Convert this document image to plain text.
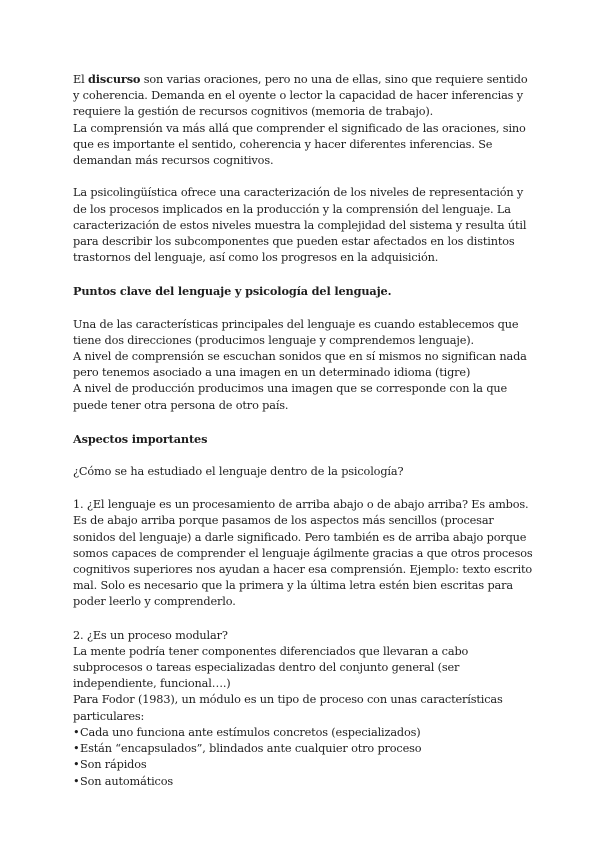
El discurso son varias oraciones, pero no una de ellas, sino que requiere sentido y coherencia. Demanda en el oyente o lector la capacidad de hacer inferencias y requiere la gestión de recursos cognitivos (memoria de trabajo).

La comprensión va más allá que comprender el significado de las oraciones, sino que es importante el sentido, coherencia y hacer diferentes inferencias. Se demandan más recursos cognitivos.

La psicolingüística ofrece una caracterización de los niveles de representación y de los procesos implicados en la producción y la comprensión del lenguaje. La caracterización de estos niveles muestra la complejidad del sistema y resulta útil para describir los subcomponentes que pueden estar afectados en los distintos trastornos del lenguaje, así como los progresos en la adquisición.

Puntos clave del lenguaje y psicología del lenguaje.

Una de las características principales del lenguaje es cuando establecemos que tiene dos direcciones (producimos lenguaje y comprendemos lenguaje).

A nivel de comprensión se escuchan sonidos que en sí mismos no significan nada pero tenemos asociado a una imagen en un determinado idioma (tigre)

A nivel de producción producimos una imagen que se corresponde con la que puede tener otra persona de otro país.

Aspectos importantes

¿Cómo se ha estudiado el lenguaje dentro de la psicología?

1. ¿El lenguaje es un procesamiento de arriba abajo o de abajo arriba? Es ambos. Es de abajo arriba porque pasamos de los aspectos más sencillos (procesar sonidos del lenguaje) a darle significado. Pero también es de arriba abajo porque somos capaces de comprender el lenguaje ágilmente gracias a que otros procesos cognitivos superiores nos ayudan a hacer esa comprensión. Ejemplo: texto escrito mal. Solo es necesario que la primera y la última letra estén bien escritas para poder leerlo y comprenderlo.

2. ¿Es un proceso modular?

La mente podría tener componentes diferenciados que llevaran a cabo subprocesos o tareas especializadas dentro del conjunto general (ser independiente, funcional….)

Para Fodor (1983), un módulo es un tipo de proceso con unas características particulares:

•Cada uno funciona ante estímulos concretos (especializados)
•Están “encapsulados”, blindados ante cualquier otro proceso
•Son rápidos
•Son automáticos
